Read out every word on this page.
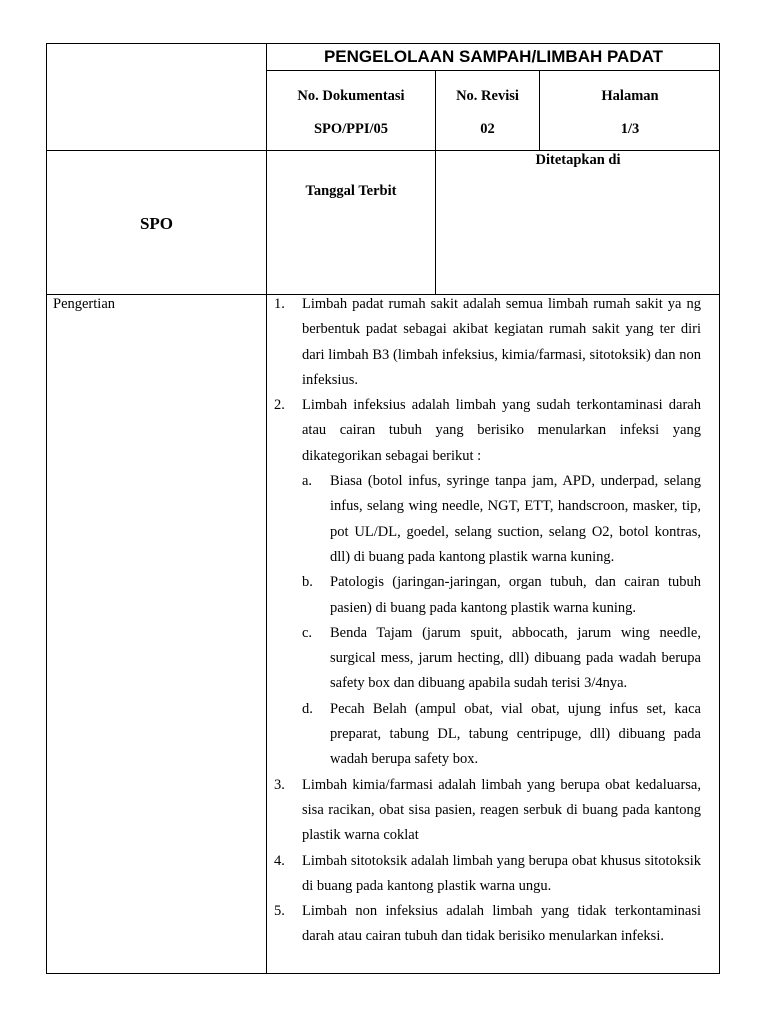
PENGELOLAAN SAMPAH/LIMBAH PADAT
No. Dokumentasi
SPO/PPI/05
No. Revisi
02
Halaman
1/3
SPO
Tanggal Terbit
Ditetapkan di
Pengertian	1. Limbah padat rumah sakit adalah semua limbah rumah sakit ya ng berbentuk padat sebagai akibat kegiatan rumah sakit yang ter diri dari limbah B3 (limbah infeksius, kimia/farmasi, sitotoksik) dan non infeksius.
2. Limbah infeksius adalah limbah yang sudah terkontaminasi darah atau cairan tubuh yang berisiko menularkan infeksi yang dikategorikan sebagai berikut :
a. Biasa (botol infus, syringe tanpa jam, APD, underpad, selang infus, selang wing needle, NGT, ETT, handscroon, masker, tip, pot UL/DL, goedel, selang suction, selang O2, botol kontras, dll) di buang pada kantong plastik warna kuning.
b. Patologis (jaringan-jaringan, organ tubuh, dan cairan tubuh pasien) di buang pada kantong plastik warna kuning.
c. Benda Tajam (jarum spuit, abbocath, jarum wing needle, surgical mess, jarum hecting, dll) dibuang pada wadah berupa safety box dan dibuang apabila sudah terisi 3/4nya.
d. Pecah Belah (ampul obat, vial obat, ujung infus set, kaca preparat, tabung DL, tabung centripuge, dll) dibuang pada wadah berupa safety box.
3. Limbah kimia/farmasi adalah limbah yang berupa obat kedaluarsa, sisa racikan, obat sisa pasien, reagen serbuk di buang pada kantong plastik warna coklat
4. Limbah sitotoksik adalah limbah yang berupa obat khusus sitotoksik di buang pada kantong plastik warna ungu.
5. Limbah non infeksius adalah limbah yang tidak terkontaminasi darah atau cairan tubuh dan tidak berisiko menularkan infeksi.
